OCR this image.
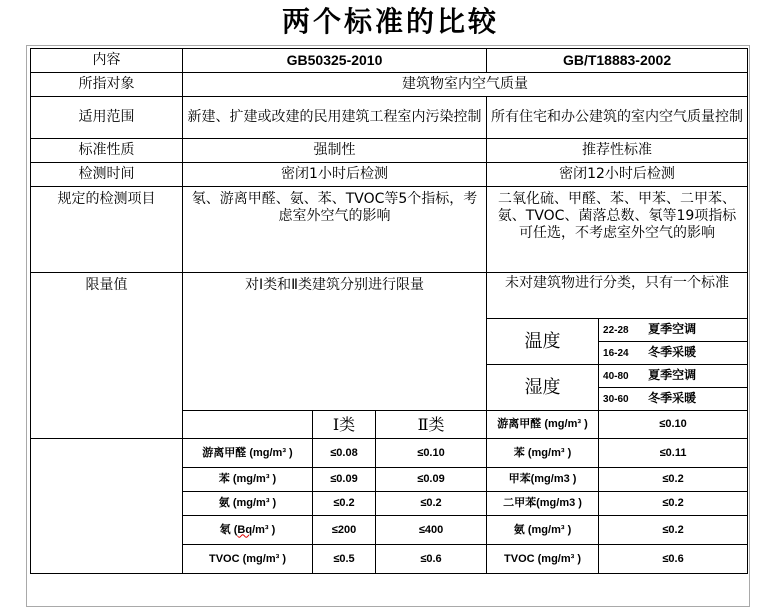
两个标准的比较
内容	GB50325-2010			GB/T18883-2002	
所指对象	建筑物室内空气质量				
适用范围	新建、扩建或改建的民用建筑工程室内污染控制			所有住宅和办公建筑的室内空气质量控制	
标准性质	强制性			推荐性标准	
检测时间	密闭1小时后检测			密闭12小时后检测	
规定的检测项目	氡、游离甲醛、氨、苯、TVOC等5个指标，考虑室外空气的影响			二氧化硫、甲醛、苯、甲苯、二甲苯、氨、TVOC、菌落总数、氡等19项指标可任选，不考虑室外空气的影响	
限量值	对Ⅰ类和Ⅱ类建筑分别进行限量			未对建筑物进行分类，只有一个标准	
				温度	22-28 夏季空调
					16-24 冬季采暖
				湿度	40-80 夏季空调
					30-60 冬季采暖
		Ⅰ类	Ⅱ类	游离甲醛 (mg/m³ )	≤0.10
	游离甲醛 (mg/m³ )	≤0.08	≤0.10	苯 (mg/m³ )	≤0.11
	苯 (mg/m³ )	≤0.09	≤0.09	甲苯(mg/m3 )	≤0.2
	氨 (mg/m³ )	≤0.2	≤0.2	二甲苯(mg/m3 )	≤0.2
	氡 (Bq/m³ )	≤200	≤400	氨 (mg/m³ )	≤0.2
	TVOC (mg/m³ )	≤0.5	≤0.6	TVOC (mg/m³ )	≤0.6
